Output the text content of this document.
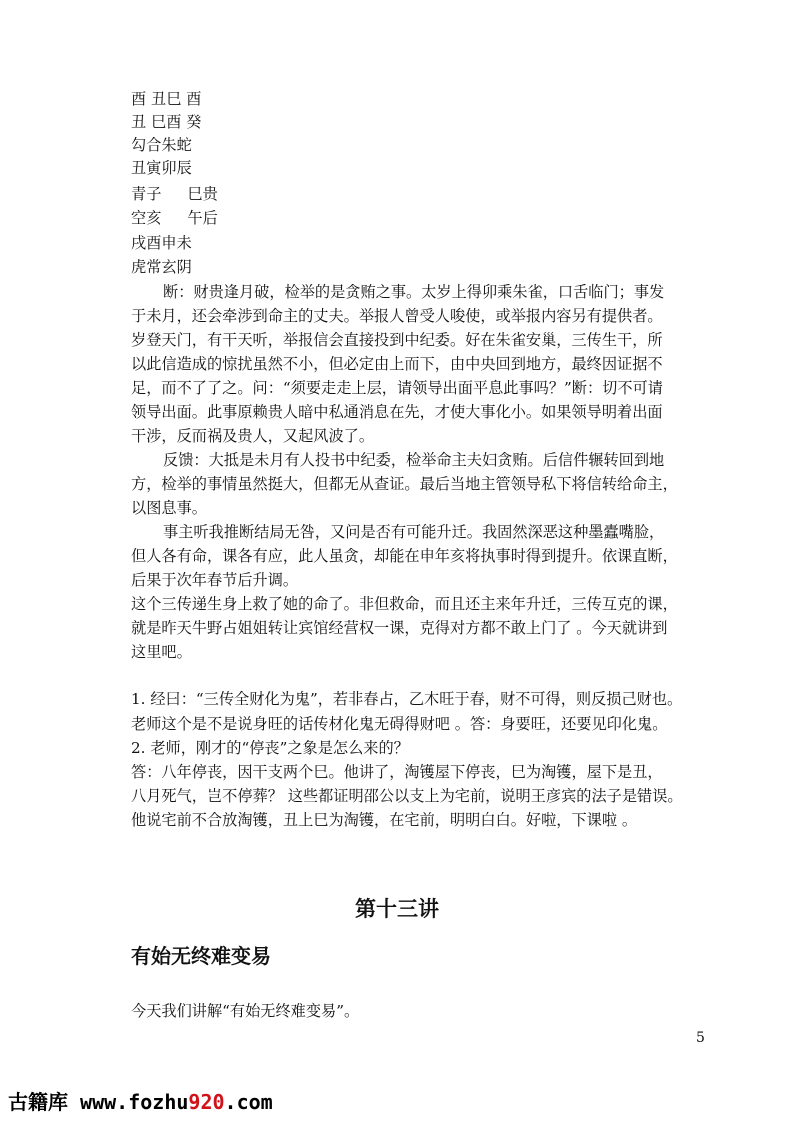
酉 丑巳 酉
丑 巳酉 癸
勾合朱蛇
丑寅卯辰
青子 巳贵
空亥 午后
戌酉申未
虎常玄阴
断：财贵逢月破，检举的是贪贿之事。太岁上得卯乘朱雀，口舌临门；事发
于未月，还会牵涉到命主的丈夫。举报人曾受人唆使，或举报内容另有提供者。
岁登天门，有干天听，举报信会直接投到中纪委。好在朱雀安巢，三传生干，所
以此信造成的惊扰虽然不小，但必定由上而下，由中央回到地方，最终因证据不
足，而不了了之。问：“须要走走上层，请领导出面平息此事吗？”断：切不可请
领导出面。此事原赖贵人暗中私通消息在先，才使大事化小。如果领导明着出面
干涉，反而祸及贵人，又起风波了。
反馈：大抵是未月有人投书中纪委，检举命主夫妇贪贿。后信件辗转回到地
方，检举的事情虽然挺大，但都无从查证。最后当地主管领导私下将信转给命主，
以图息事。
事主听我推断结局无咎，又问是否有可能升迁。我固然深恶这种墨蠹嘴脸，
但人各有命，课各有应，此人虽贪，却能在申年亥将执事时得到提升。依课直断，
后果于次年春节后升调。
这个三传递生身上救了她的命了。非但救命，而且还主来年升迁，三传互克的课，
就是昨天牛野占姐姐转让宾馆经营权一课，克得对方都不敢上门了 。今天就讲到
这里吧。
1. 经曰：“三传全财化为鬼”，若非春占，乙木旺于春，财不可得，则反损己财也。
老师这个是不是说身旺的话传材化鬼无碍得财吧 。答：身要旺，还要见印化鬼。
2. 老师，刚才的“停丧”之象是怎么来的？
答：八年停丧，因干支两个巳。他讲了，淘镬屋下停丧，巳为淘镬，屋下是丑，
八月死气，岂不停葬？ 这些都证明邵公以支上为宅前，说明王彦宾的法子是错误。
他说宅前不合放淘镬，丑上巳为淘镬，在宅前，明明白白。好啦，下课啦 。
第十三讲
有始无终难变易
今天我们讲解“有始无终难变易”。
5
古籍库 www.fozhu920.com
